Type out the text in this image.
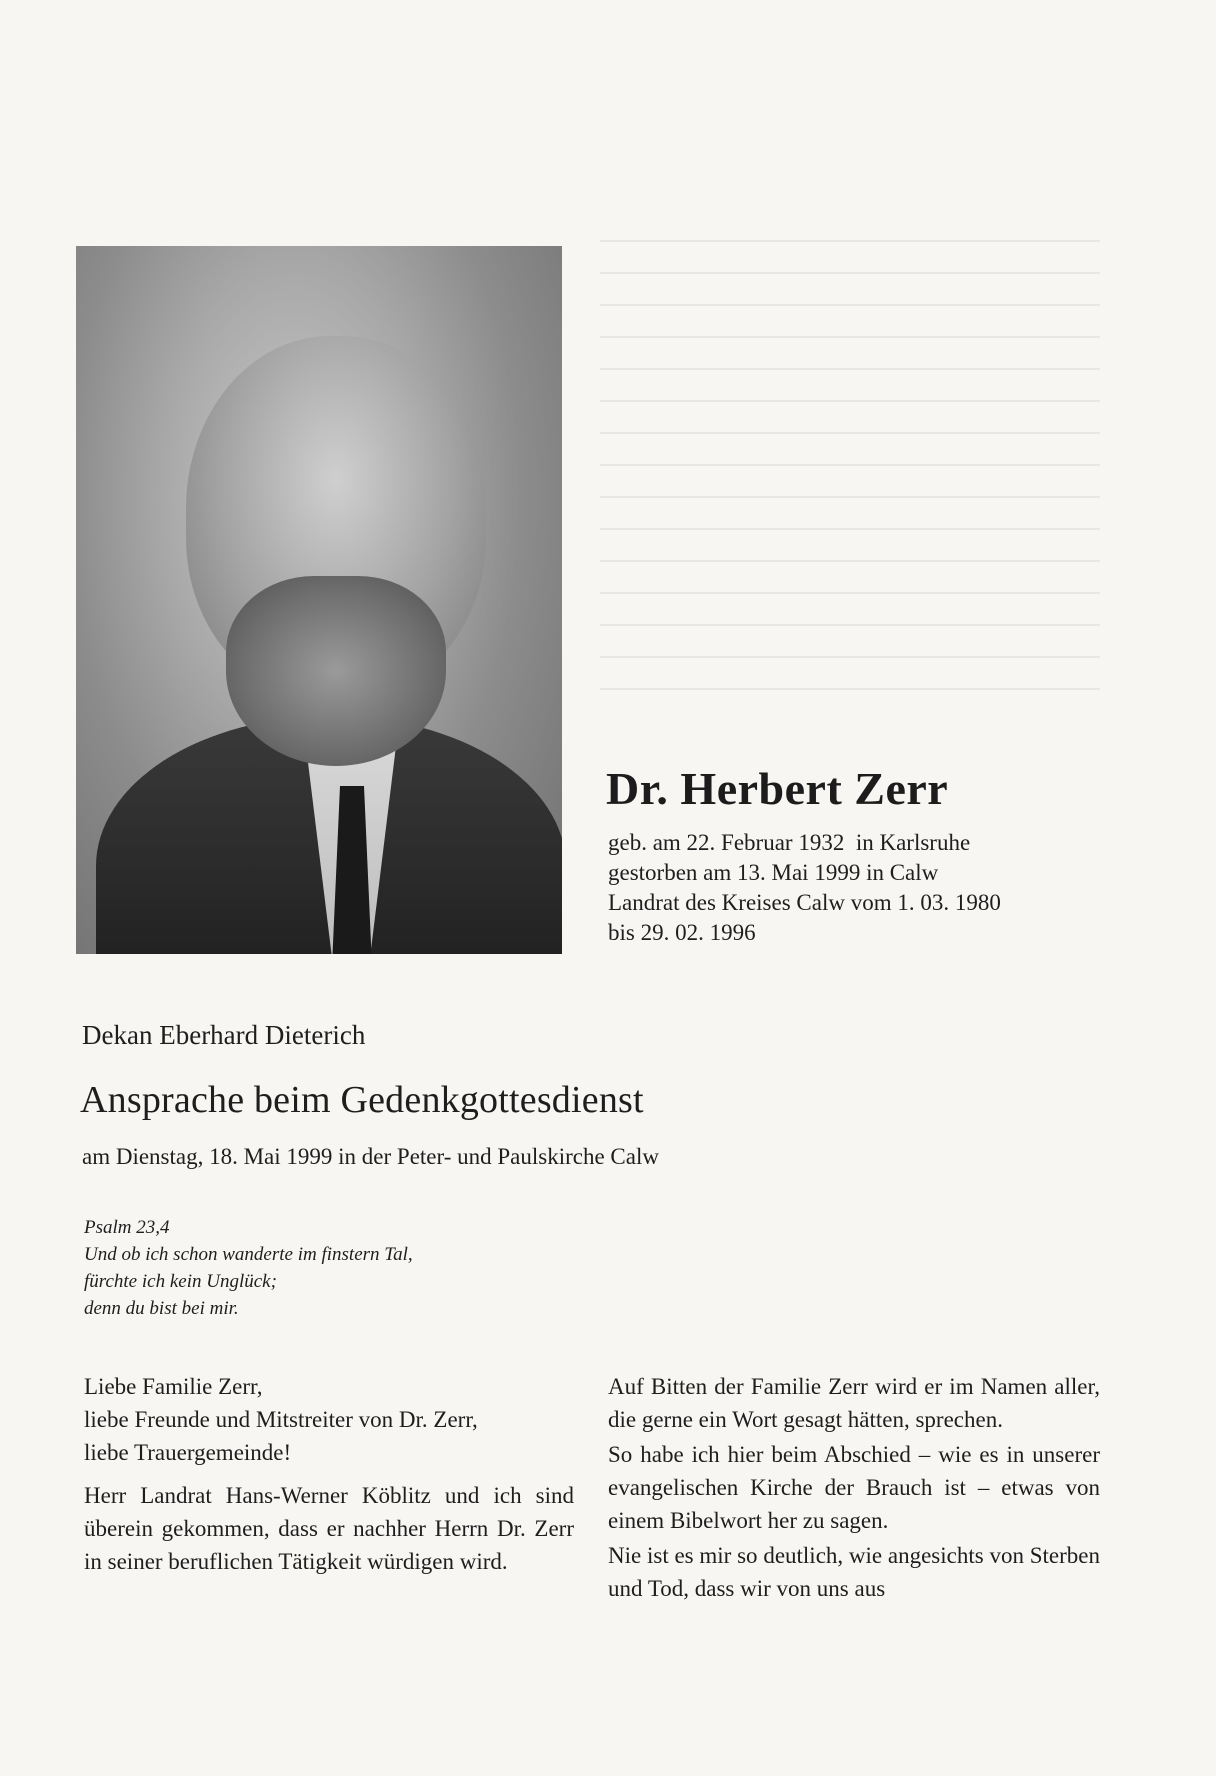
Dr. Herbert Zerr
geb. am 22. Februar 1932  in Karlsruhe
gestorben am 13. Mai 1999 in Calw
Landrat des Kreises Calw vom 1. 03. 1980
bis 29. 02. 1996
Dekan Eberhard Dieterich
Ansprache beim Gedenkgottesdienst
am Dienstag, 18. Mai 1999 in der Peter- und Paulskirche Calw
Psalm 23,4
Und ob ich schon wanderte im finstern Tal,
fürchte ich kein Unglück;
denn du bist bei mir.

Liebe Familie Zerr,
liebe Freunde und Mitstreiter von Dr. Zerr,
liebe Trauergemeinde!

Herr Landrat Hans-Werner Köblitz und ich sind überein gekommen, dass er nachher Herrn Dr. Zerr in seiner beruflichen Tätigkeit würdigen wird.

Auf Bitten der Familie Zerr wird er im Namen aller, die gerne ein Wort gesagt hätten, sprechen.

So habe ich hier beim Abschied – wie es in unserer evangelischen Kirche der Brauch ist – etwas von einem Bibelwort her zu sagen.

Nie ist es mir so deutlich, wie angesichts von Sterben und Tod, dass wir von uns aus
